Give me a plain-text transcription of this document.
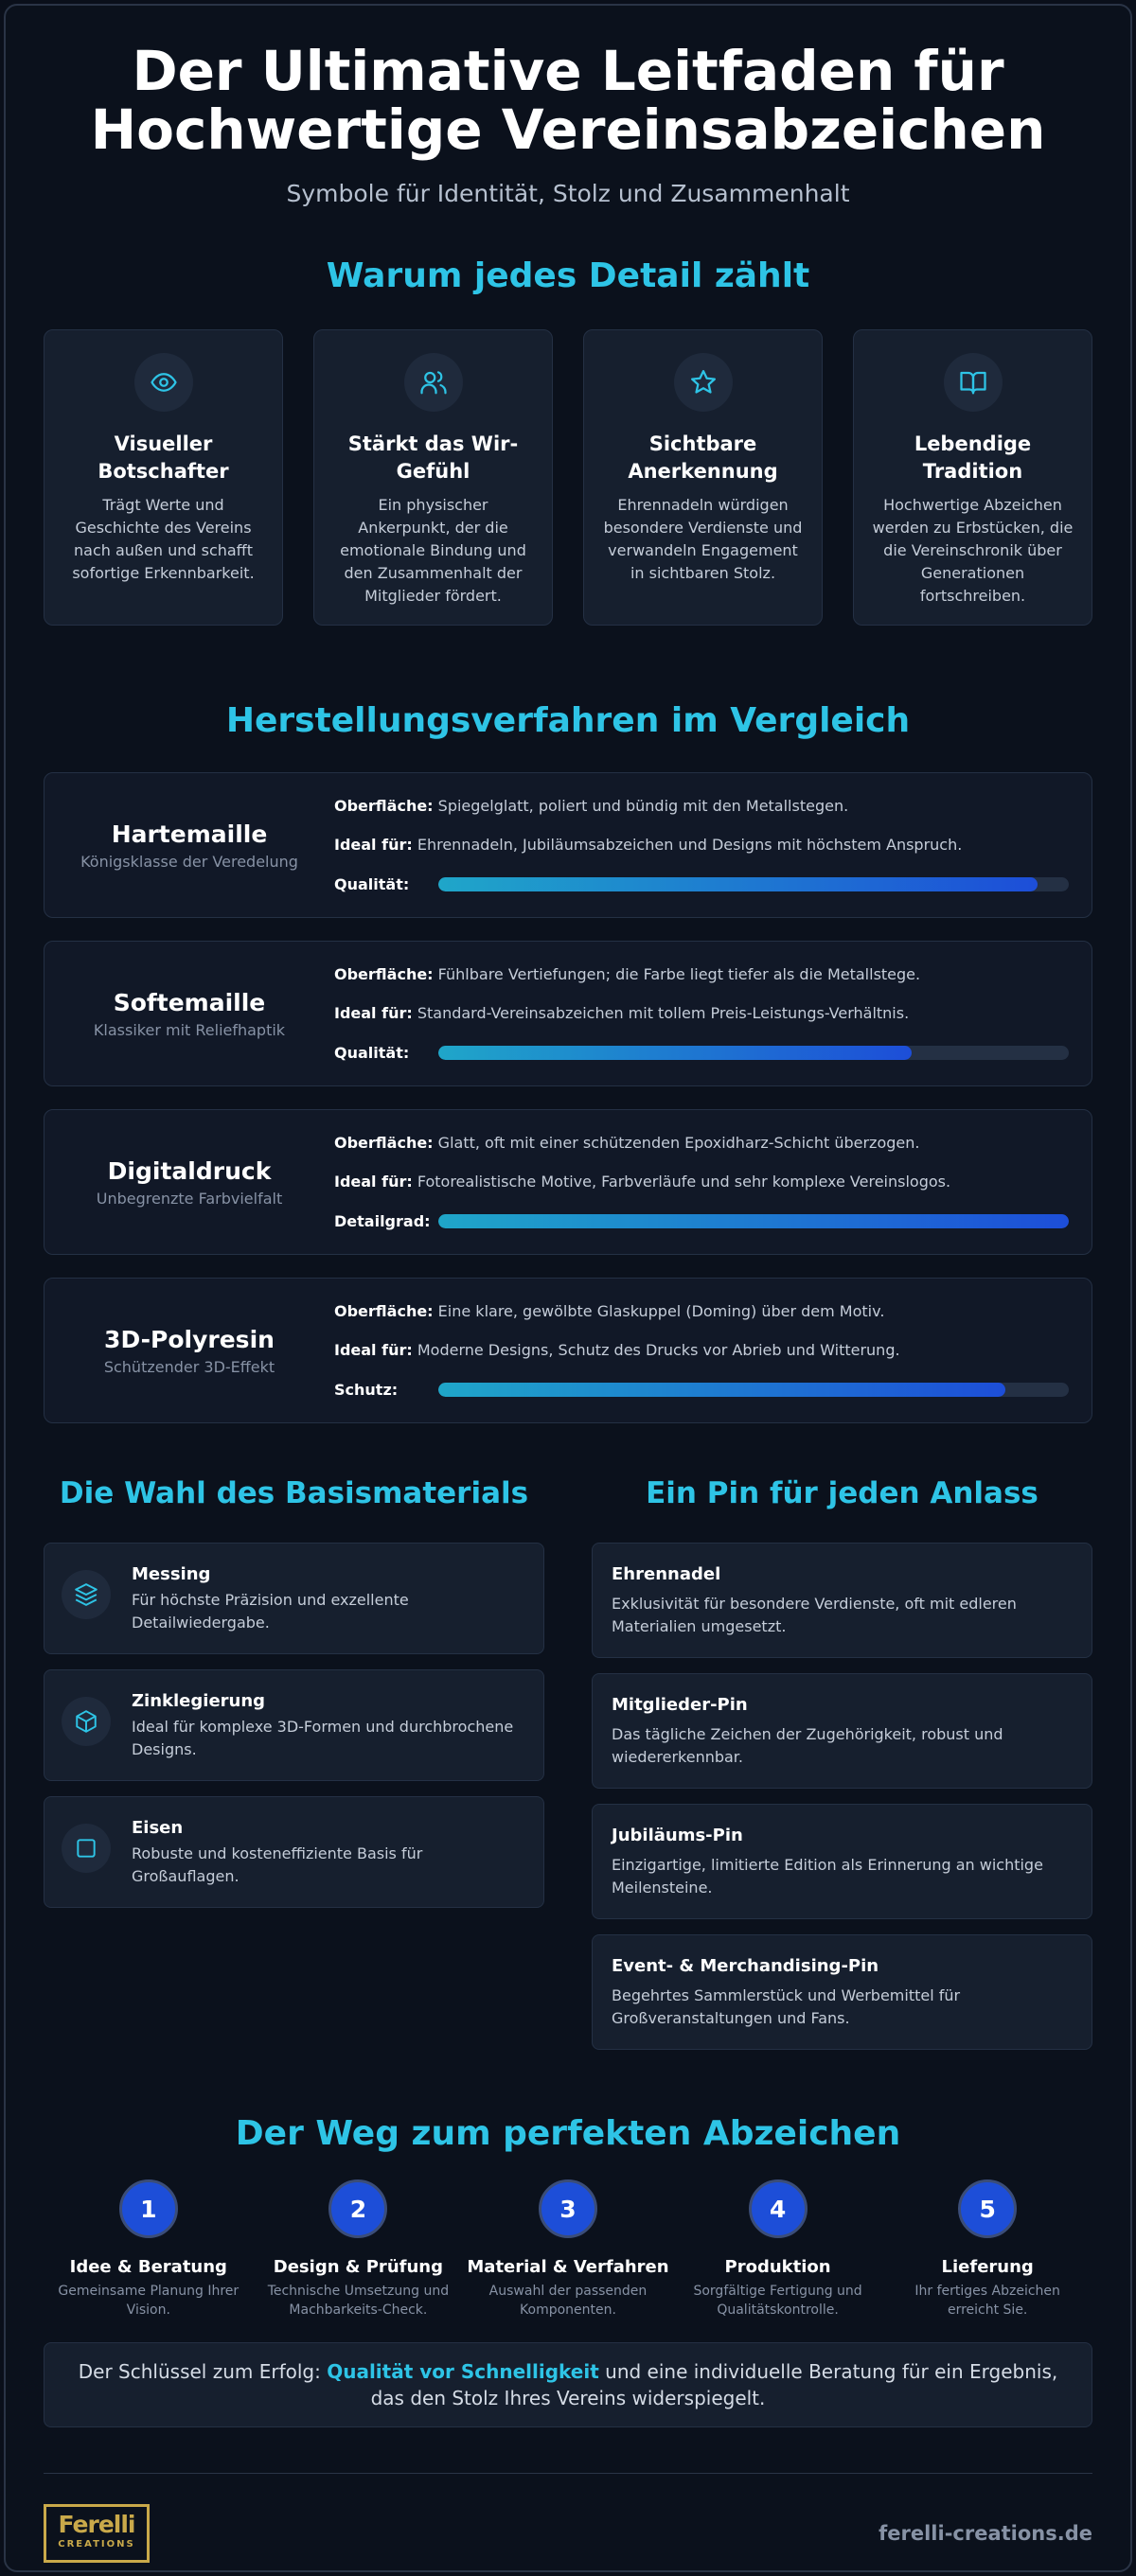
Der Ultimative Leitfaden für
Hochwertige Vereinsabzeichen
Symbole für Identität, Stolz und Zusammenhalt
Warum jedes Detail zählt
Visueller Botschafter

Trägt Werte und Geschichte des Vereins nach außen und schafft sofortige Erkennbarkeit.

Stärkt das Wir-Gefühl

Ein physischer Ankerpunkt, der die emotionale Bindung und den Zusammenhalt der Mitglieder fördert.

Sichtbare Anerkennung

Ehrennadeln würdigen besondere Verdienste und verwandeln Engagement in sichtbaren Stolz.

Lebendige Tradition

Hochwertige Abzeichen werden zu Erbstücken, die die Vereinschronik über Generationen fortschreiben.

Herstellungsverfahren im Vergleich
Hartemaille
Königsklasse der Veredelung
Oberfläche: Spiegelglatt, poliert und bündig mit den Metallstegen.
Ideal für: Ehrennadeln, Jubiläumsabzeichen und Designs mit höchstem Anspruch.
Qualität:
Softemaille
Klassiker mit Reliefhaptik
Oberfläche: Fühlbare Vertiefungen; die Farbe liegt tiefer als die Metallstege.
Ideal für: Standard-Vereinsabzeichen mit tollem Preis-Leistungs-Verhältnis.
Qualität:
Digitaldruck
Unbegrenzte Farbvielfalt
Oberfläche: Glatt, oft mit einer schützenden Epoxidharz-Schicht überzogen.
Ideal für: Fotorealistische Motive, Farbverläufe und sehr komplexe Vereinslogos.
Detailgrad:
3D-Polyresin
Schützender 3D-Effekt
Oberfläche: Eine klare, gewölbte Glaskuppel (Doming) über dem Motiv.
Ideal für: Moderne Designs, Schutz des Drucks vor Abrieb und Witterung.
Schutz:
Die Wahl des Basismaterials
Messing

Für höchste Präzision und exzellente Detailwiedergabe.

Zinklegierung

Ideal für komplexe 3D-Formen und durchbrochene Designs.

Eisen

Robuste und kosteneffiziente Basis für Großauflagen.

Ein Pin für jeden Anlass
Ehrennadel

Exklusivität für besondere Verdienste, oft mit edleren Materialien umgesetzt.

Mitglieder-Pin

Das tägliche Zeichen der Zugehörigkeit, robust und wiedererkennbar.

Jubiläums-Pin

Einzigartige, limitierte Edition als Erinnerung an wichtige Meilensteine.

Event- & Merchandising-Pin

Begehrtes Sammlerstück und Werbemittel für Großveranstaltungen und Fans.

Der Weg zum perfekten Abzeichen
1
Idee & Beratung

Gemeinsame Planung Ihrer Vision.

2
Design & Prüfung

Technische Umsetzung und Machbarkeits-Check.

3
Material & Verfahren

Auswahl der passenden Komponenten.

4
Produktion

Sorgfältige Fertigung und Qualitätskontrolle.

5
Lieferung

Ihr fertiges Abzeichen erreicht Sie.

Der Schlüssel zum Erfolg: Qualität vor Schnelligkeit und eine individuelle Beratung für ein Ergebnis, das den Stolz Ihres Vereins widerspiegelt.
Ferelli
CREATIONS	ferelli-creations.de
